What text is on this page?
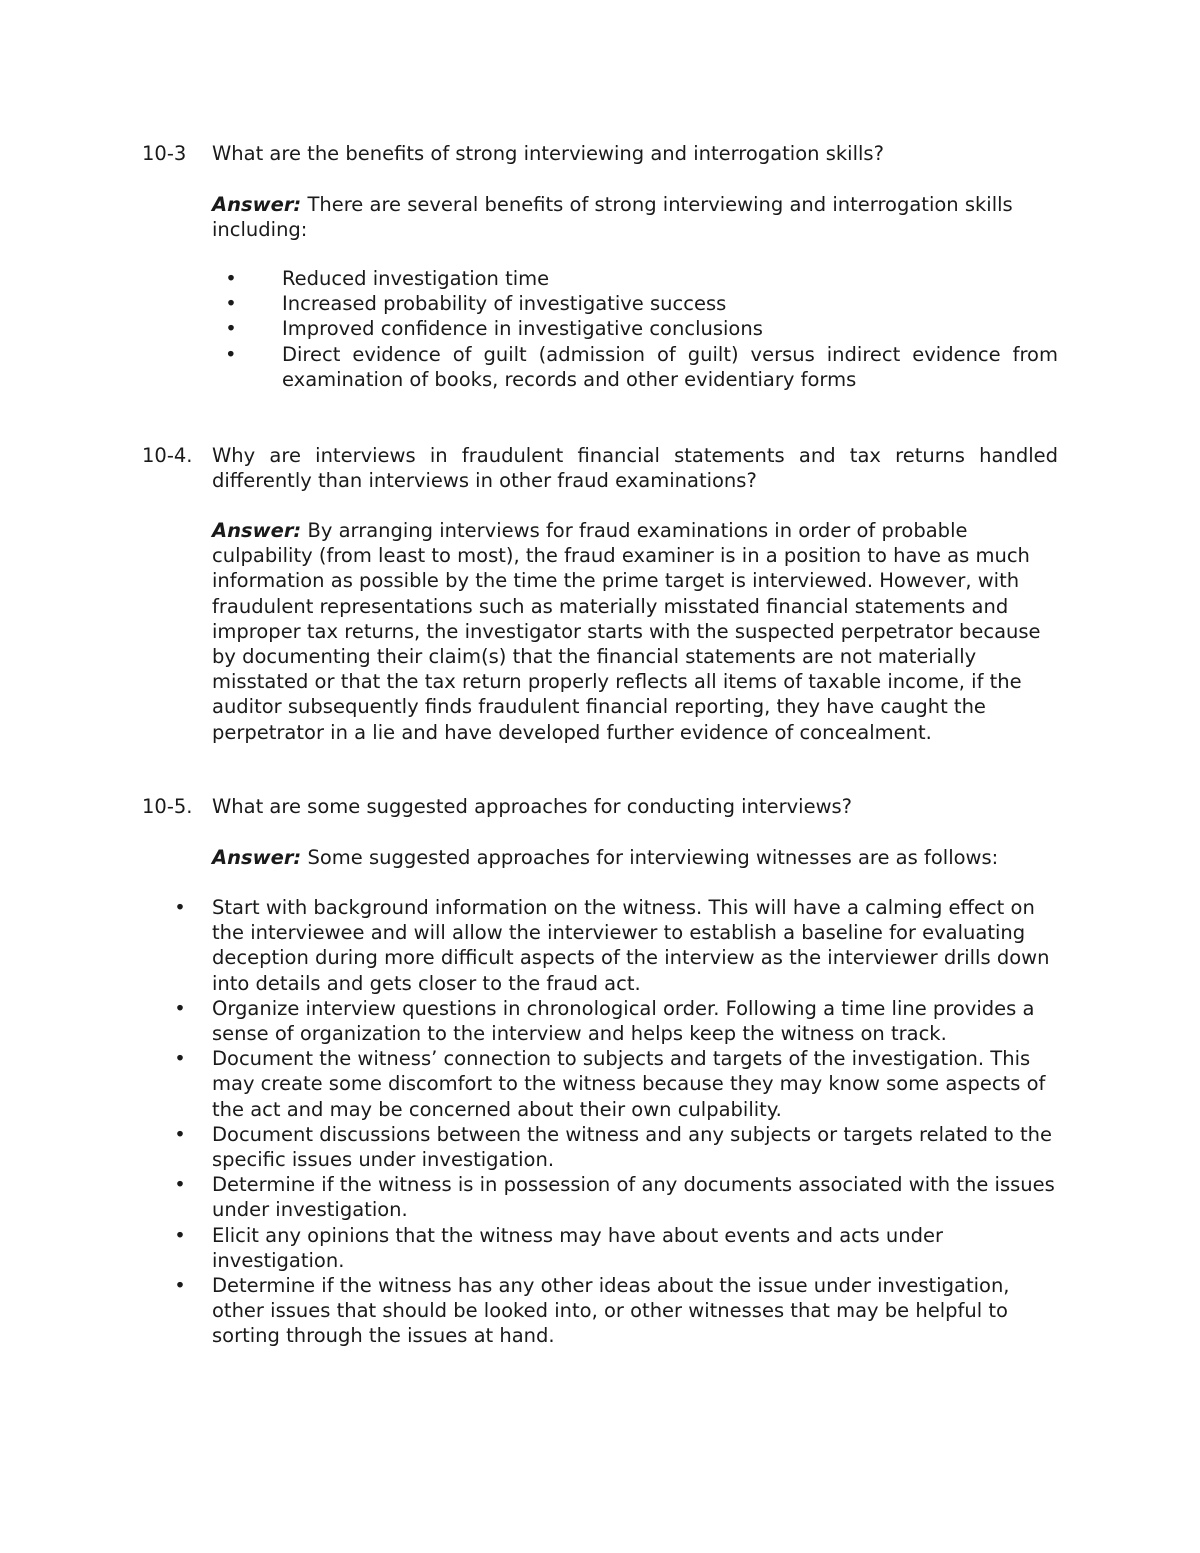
10-3 What are the benefits of strong interviewing and interrogation skills?
Answer: There are several benefits of strong interviewing and interrogation skills including:
• Reduced investigation time
• Increased probability of investigative success
• Improved confidence in investigative conclusions
• Direct evidence of guilt (admission of guilt) versus indirect evidence from examination of books, records and other evidentiary forms
10-4. Why are interviews in fraudulent financial statements and tax returns handled differently than interviews in other fraud examinations?
Answer: By arranging interviews for fraud examinations in order of probable culpability (from least to most), the fraud examiner is in a position to have as much information as possible by the time the prime target is interviewed. However, with fraudulent representations such as materially misstated financial statements and improper tax returns, the investigator starts with the suspected perpetrator because by documenting their claim(s) that the financial statements are not materially misstated or that the tax return properly reflects all items of taxable income, if the auditor subsequently finds fraudulent financial reporting, they have caught the perpetrator in a lie and have developed further evidence of concealment.
10-5. What are some suggested approaches for conducting interviews?
Answer: Some suggested approaches for interviewing witnesses are as follows:
• Start with background information on the witness. This will have a calming effect on the interviewee and will allow the interviewer to establish a baseline for evaluating deception during more difficult aspects of the interview as the interviewer drills down into details and gets closer to the fraud act.
• Organize interview questions in chronological order. Following a time line provides a sense of organization to the interview and helps keep the witness on track.
• Document the witness’ connection to subjects and targets of the investigation. This may create some discomfort to the witness because they may know some aspects of the act and may be concerned about their own culpability.
• Document discussions between the witness and any subjects or targets related to the specific issues under investigation.
• Determine if the witness is in possession of any documents associated with the issues under investigation.
• Elicit any opinions that the witness may have about events and acts under investigation.
• Determine if the witness has any other ideas about the issue under investigation, other issues that should be looked into, or other witnesses that may be helpful to sorting through the issues at hand.
